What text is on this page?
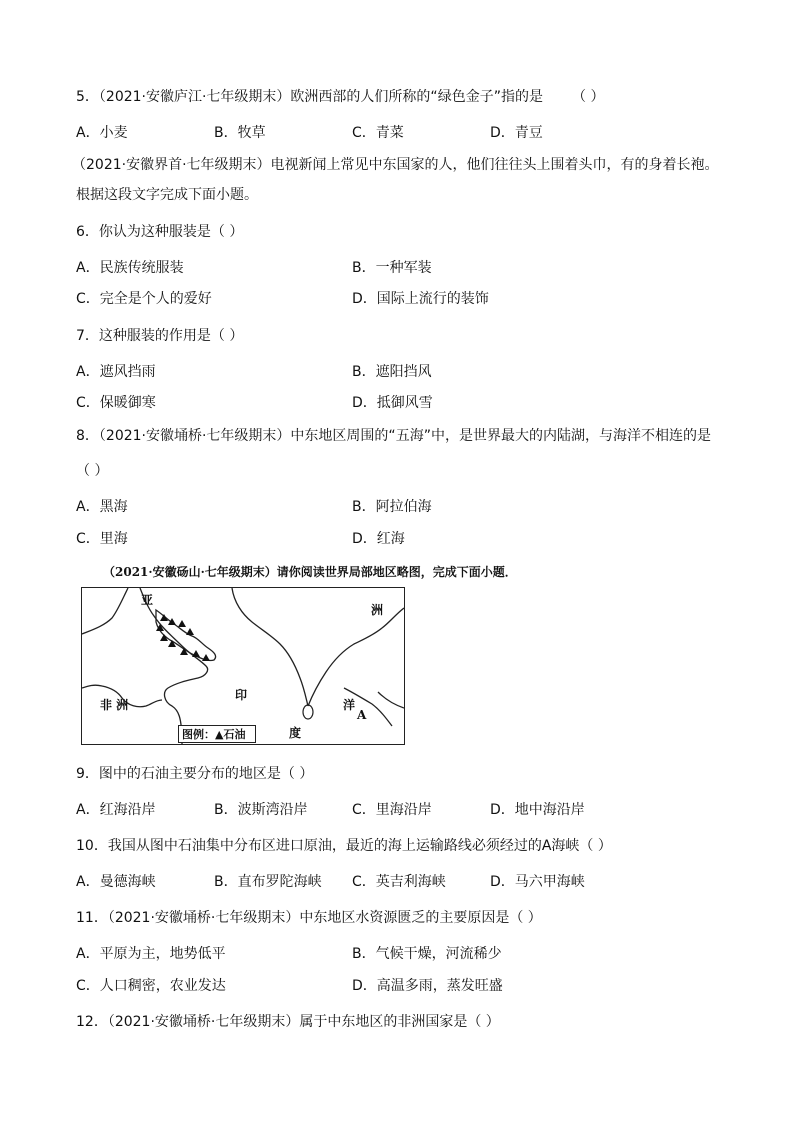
5．（2021·安徽庐江·七年级期末）欧洲西部的人们所称的“绿色金子”指的是 （ ）
A．小麦	B．牧草	C．青菜	D．青豆
（2021·安徽界首·七年级期末）电视新闻上常见中东国家的人，他们往往头上围着头巾，有的身着长袍。
根据这段文字完成下面小题。
6．你认为这种服装是（ ）
A．民族传统服装	B．一种军装
C．完全是个人的爱好	D．国际上流行的装饰
7．这种服装的作用是（ ）
A．遮风挡雨	B．遮阳挡风
C．保暖御寒	D．抵御风雪
8．（2021·安徽埇桥·七年级期末）中东地区周围的“五海”中，是世界最大的内陆湖，与海洋不相连的是
（ ）
A．黑海	B．阿拉伯海
C．里海	D．红海
（2021·安徽砀山·七年级期末）请你阅读世界局部地区略图，完成下面小题．
亚
洲
非 洲
印
度
洋
A
图例：▲石油
9．图中的石油主要分布的地区是（ ）
A．红海沿岸	B．波斯湾沿岸	C．里海沿岸	D．地中海沿岸
10．我国从图中石油集中分布区进口原油，最近的海上运输路线必须经过的A海峡（ ）
A．曼德海峡	B．直布罗陀海峡 C．英吉利海峡	D．马六甲海峡
11．（2021·安徽埇桥·七年级期末）中东地区水资源匮乏的主要原因是（ ）
A．平原为主，地势低平	B．气候干燥，河流稀少
C．人口稠密，农业发达	D．高温多雨，蒸发旺盛
12．（2021·安徽埇桥·七年级期末）属于中东地区的非洲国家是（ ）
